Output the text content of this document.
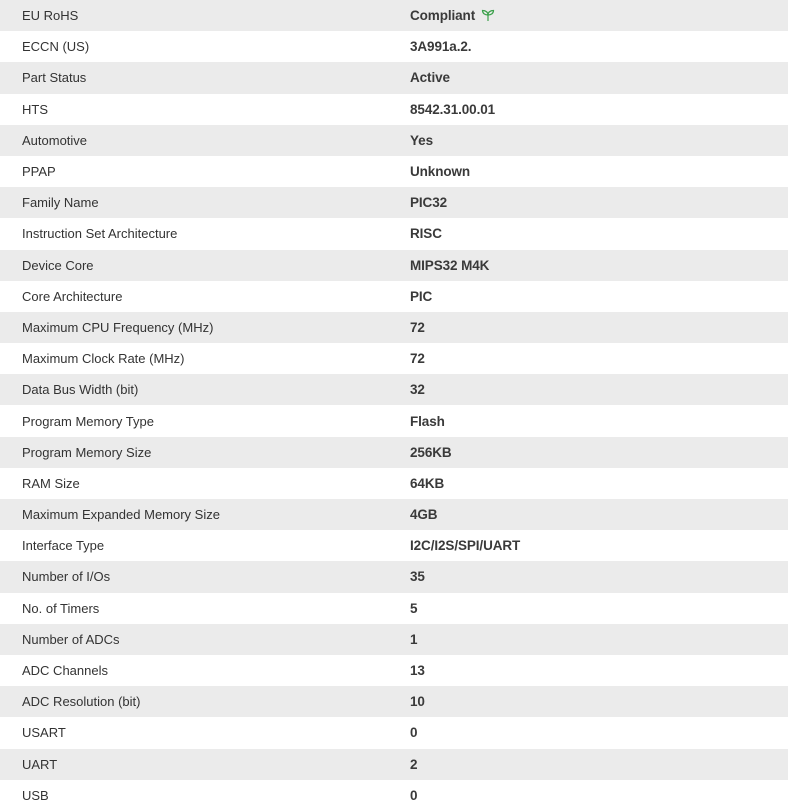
EU RoHS	Compliant
ECCN (US)	3A991a.2.
Part Status	Active
HTS	8542.31.00.01
Automotive	Yes
PPAP	Unknown
Family Name	PIC32
Instruction Set Architecture	RISC
Device Core	MIPS32 M4K
Core Architecture	PIC
Maximum CPU Frequency (MHz)	72
Maximum Clock Rate (MHz)	72
Data Bus Width (bit)	32
Program Memory Type	Flash
Program Memory Size	256KB
RAM Size	64KB
Maximum Expanded Memory Size	4GB
Interface Type	I2C/I2S/SPI/UART
Number of I/Os	35
No. of Timers	5
Number of ADCs	1
ADC Channels	13
ADC Resolution (bit)	10
USART	0
UART	2
USB	0
